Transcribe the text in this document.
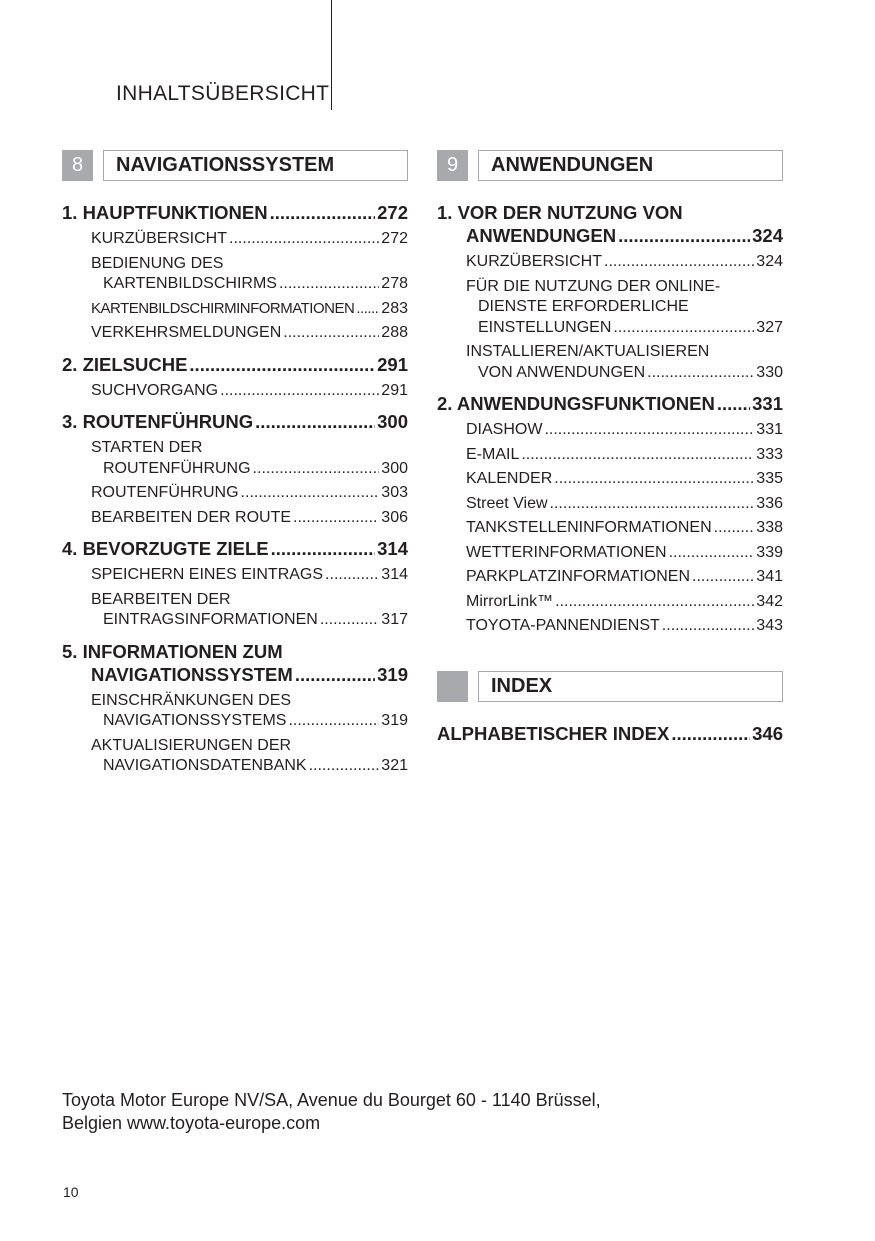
INHALTSÜBERSICHT
8	NAVIGATIONSSYSTEM
1. HAUPTFUNKTIONEN .....	272
KURZÜBERSICHT .....	272
BEDIENUNG DES
KARTENBILDSCHIRMS .....	278
KARTENBILDSCHIRMINFORMATIONEN ..... 283
VERKEHRSMELDUNGEN .....	288
2. ZIELSUCHE .....	291
SUCHVORGANG .....	291
3. ROUTENFÜHRUNG .....	300
STARTEN DER
ROUTENFÜHRUNG .....	300
ROUTENFÜHRUNG .....	303
BEARBEITEN DER ROUTE .....	306
4. BEVORZUGTE ZIELE .....	314
SPEICHERN EINES EINTRAGS .....	314
BEARBEITEN DER
EINTRAGSINFORMATIONEN .....	317
5. INFORMATIONEN ZUM
NAVIGATIONSSYSTEM .....	319
EINSCHRÄNKUNGEN DES
NAVIGATIONSSYSTEMS .....	319
AKTUALISIERUNGEN DER
NAVIGATIONSDATENBANK .....	321
9	ANWENDUNGEN
1. VOR DER NUTZUNG VON
ANWENDUNGEN .....	324
KURZÜBERSICHT .....	324
FÜR DIE NUTZUNG DER ONLINE-
DIENSTE ERFORDERLICHE
EINSTELLUNGEN .....	327
INSTALLIEREN/AKTUALISIEREN
VON ANWENDUNGEN .....	330
2. ANWENDUNGSFUNKTIONEN ..... 331
DIASHOW .....	331
E-MAIL .....	333
KALENDER .....	335
Street View .....	336
TANKSTELLENINFORMATIONEN .....	338
WETTERINFORMATIONEN .....	339
PARKPLATZINFORMATIONEN .....	341
MirrorLink™ .....	342
TOYOTA-PANNENDIENST .....	343
INDEX
ALPHABETISCHER INDEX .....	346
Toyota Motor Europe NV/SA, Avenue du Bourget 60 - 1140 Brüssel,
Belgien www.toyota-europe.com
10
